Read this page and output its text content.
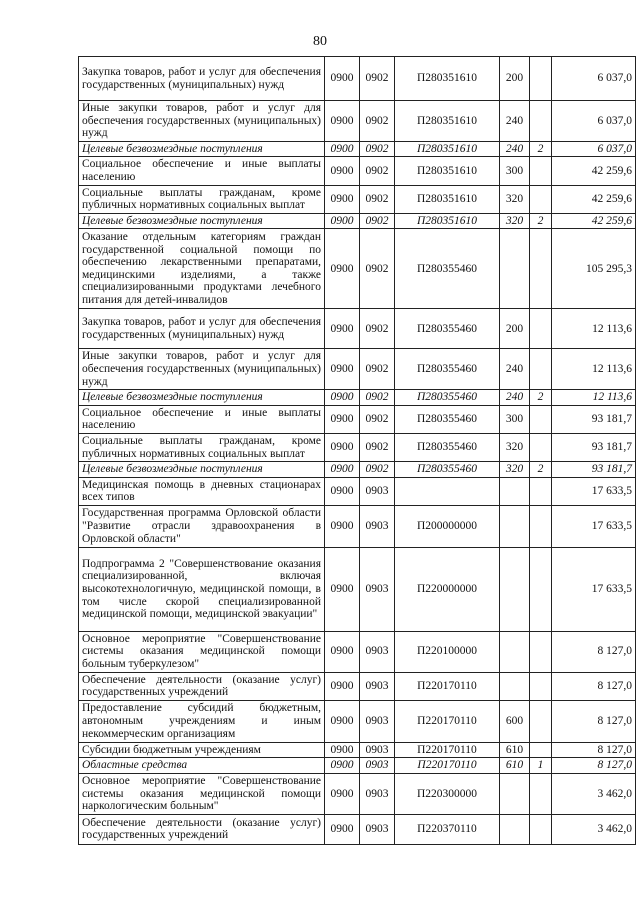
80
Закупка товаров, работ и услуг для обеспечения государственных (муниципальных) нужд	0900	0902	П280351610	200		6 037,0
Иные закупки товаров, работ и услуг для обеспечения государственных (муниципальных) нужд	0900	0902	П280351610	240		6 037,0
Целевые безвозмездные поступления	0900	0902	П280351610	240	2	6 037,0
Социальное обеспечение и иные выплаты населению	0900	0902	П280351610	300		42 259,6
Социальные выплаты гражданам, кроме публичных нормативных социальных выплат	0900	0902	П280351610	320		42 259,6
Целевые безвозмездные поступления	0900	0902	П280351610	320	2	42 259,6
Оказание отдельным категориям граждан государственной социальной помощи по обеспечению лекарственными препаратами, медицинскими изделиями, а также специализированными продуктами лечебного питания для детей-инвалидов	0900	0902	П280355460			105 295,3
Закупка товаров, работ и услуг для обеспечения государственных (муниципальных) нужд	0900	0902	П280355460	200		12 113,6
Иные закупки товаров, работ и услуг для обеспечения государственных (муниципальных) нужд	0900	0902	П280355460	240		12 113,6
Целевые безвозмездные поступления	0900	0902	П280355460	240	2	12 113,6
Социальное обеспечение и иные выплаты населению	0900	0902	П280355460	300		93 181,7
Социальные выплаты гражданам, кроме публичных нормативных социальных выплат	0900	0902	П280355460	320		93 181,7
Целевые безвозмездные поступления	0900	0902	П280355460	320	2	93 181,7
Медицинская помощь в дневных стационарах всех типов	0900	0903				17 633,5
Государственная программа Орловской области "Развитие отрасли здравоохранения в Орловской области"	0900	0903	П200000000			17 633,5
Подпрограмма 2 "Совершенствование оказания специализированной, включая высокотехнологичную, медицинской помощи, в том числе скорой специализированной медицинской помощи, медицинской эвакуации"	0900	0903	П220000000			17 633,5
Основное мероприятие "Совершенствование системы оказания медицинской помощи больным туберкулезом"	0900	0903	П220100000			8 127,0
Обеспечение деятельности (оказание услуг) государственных учреждений	0900	0903	П220170110			8 127,0
Предоставление субсидий бюджетным, автономным учреждениям и иным некоммерческим организациям	0900	0903	П220170110	600		8 127,0
Субсидии бюджетным учреждениям	0900	0903	П220170110	610		8 127,0
Областные средства	0900	0903	П220170110	610	1	8 127,0
Основное мероприятие "Совершенствование системы оказания медицинской помощи наркологическим больным"	0900	0903	П220300000			3 462,0
Обеспечение деятельности (оказание услуг) государственных учреждений	0900	0903	П220370110			3 462,0
